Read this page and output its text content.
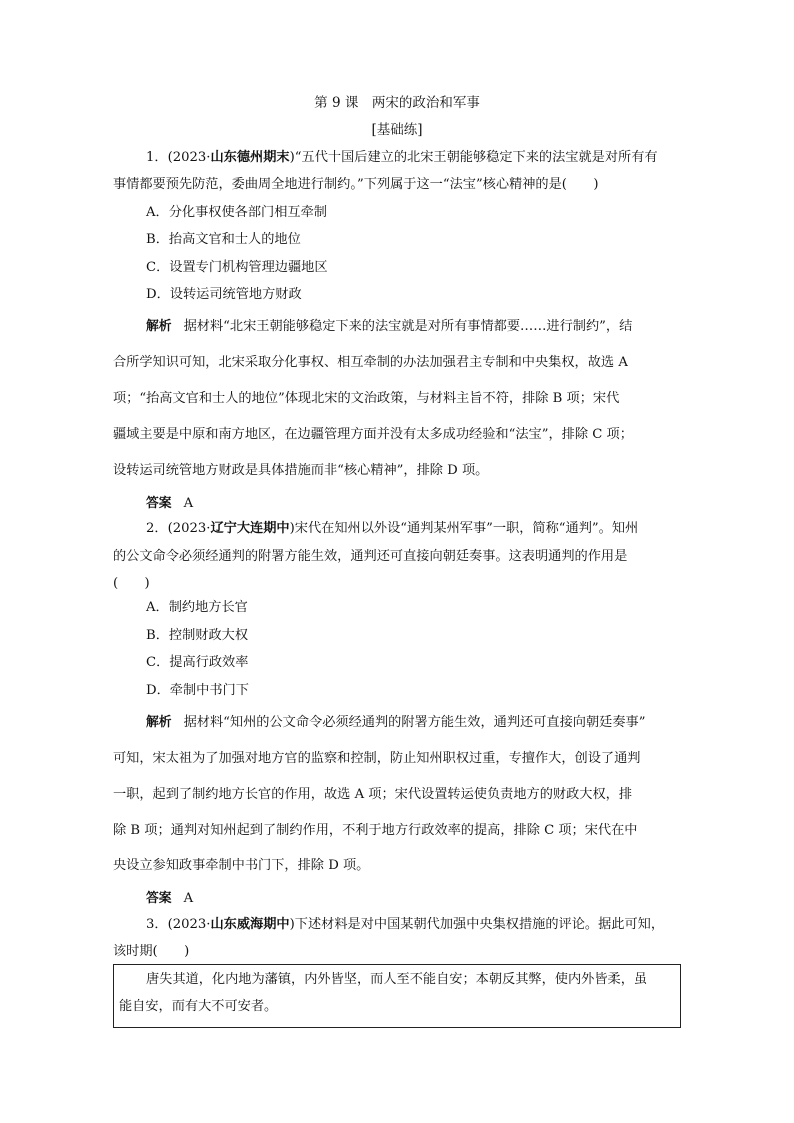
第 9 课　两宋的政治和军事
[基础练]
1．(2023·山东德州期末)“五代十国后建立的北宋王朝能够稳定下来的法宝就是对所有有
事情都要预先防范，委曲周全地进行制约。”下列属于这一“法宝”核心精神的是(　　)
A．分化事权使各部门相互牵制
B．抬高文官和士人的地位
C．设置专门机构管理边疆地区
D．设转运司统管地方财政
解析 据材料“北宋王朝能够稳定下来的法宝就是对所有事情都要……进行制约”，结
合所学知识可知，北宋采取分化事权、相互牵制的办法加强君主专制和中央集权，故选 A
项；“抬高文官和士人的地位”体现北宋的文治政策，与材料主旨不符，排除 B 项；宋代
疆域主要是中原和南方地区，在边疆管理方面并没有太多成功经验和“法宝”，排除 C 项；
设转运司统管地方财政是具体措施而非“核心精神”，排除 D 项。
答案 A
2．(2023·辽宁大连期中)宋代在知州以外设“通判某州军事”一职，简称“通判”。知州
的公文命令必须经通判的附署方能生效，通判还可直接向朝廷奏事。这表明通判的作用是
(　　)
A．制约地方长官
B．控制财政大权
C．提高行政效率
D．牵制中书门下
解析 据材料“知州的公文命令必须经通判的附署方能生效，通判还可直接向朝廷奏事”
可知，宋太祖为了加强对地方官的监察和控制，防止知州职权过重，专擅作大，创设了通判
一职，起到了制约地方长官的作用，故选 A 项；宋代设置转运使负责地方的财政大权，排
除 B 项；通判对知州起到了制约作用，不利于地方行政效率的提高，排除 C 项；宋代在中
央设立参知政事牵制中书门下，排除 D 项。
答案 A
3．(2023·山东威海期中)下述材料是对中国某朝代加强中央集权措施的评论。据此可知，
该时期(　　)
唐失其道，化内地为藩镇，内外皆坚，而人至不能自安；本朝反其弊，使内外皆柔，虽
能自安，而有大不可安者。
